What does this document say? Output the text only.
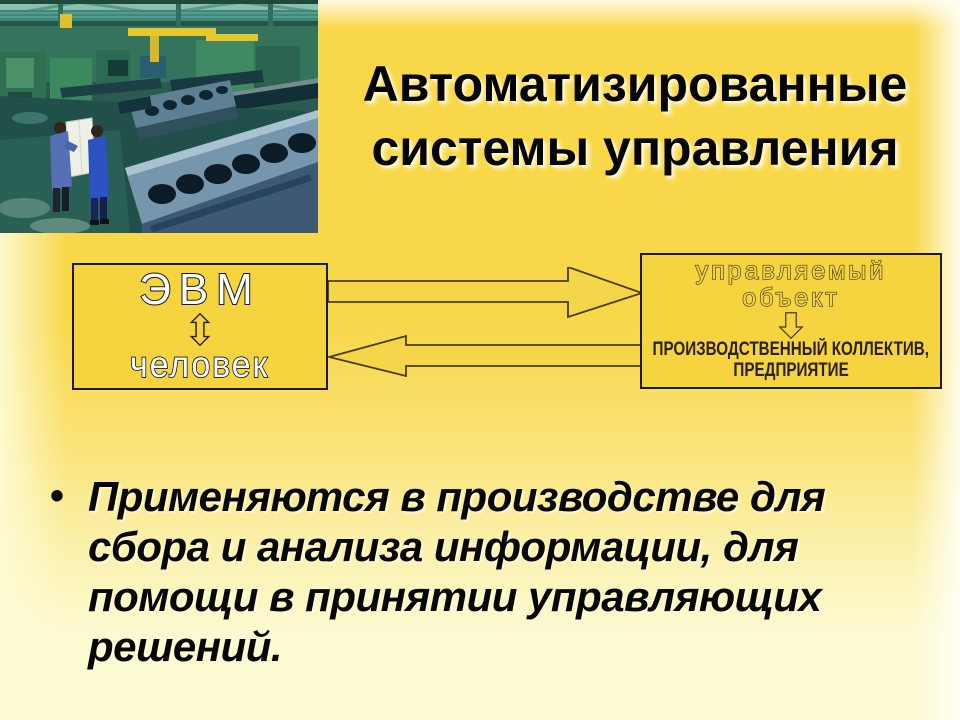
Автоматизированные
системы управления
ЭВМ
человек
управляемый
объект
ПРОИЗВОДСТВЕННЫЙ КОЛЛЕКТИВ,
ПРЕДПРИЯТИЕ
• Применяются в производстве для
сбора и анализа информации, для
помощи в принятии управляющих
решений.
